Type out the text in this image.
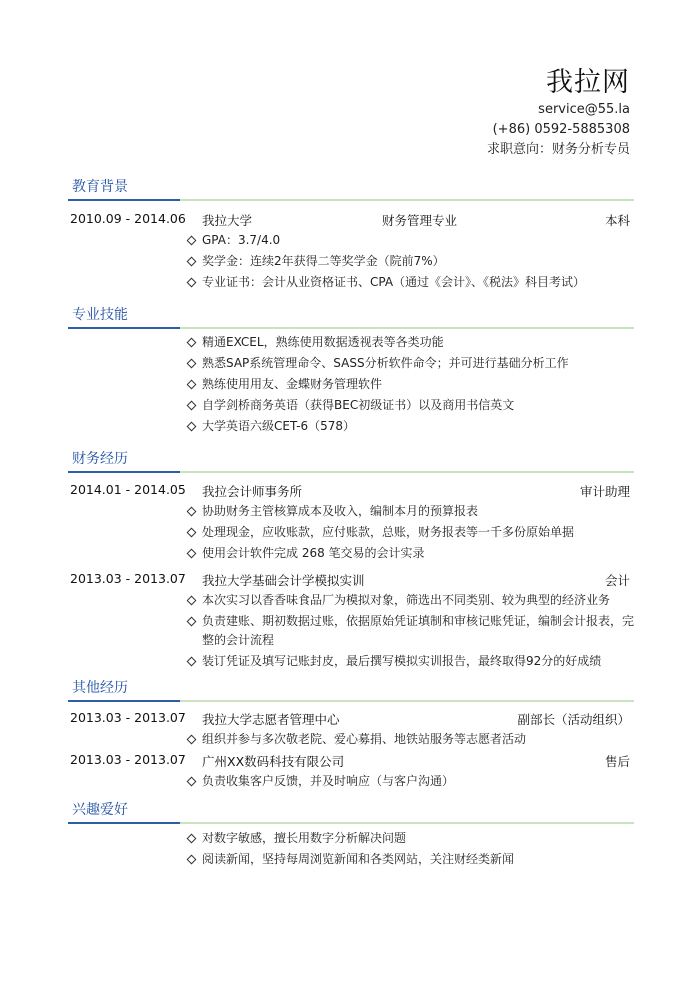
我拉网
service@55.la
(+86) 0592-5885308
求职意向：财务分析专员
教育背景
2010.09 - 2014.06 我拉大学	财务管理专业	本科
GPA：3.7/4.0
奖学金：连续2年获得二等奖学金（院前7%）
专业证书：会计从业资格证书、CPA（通过《会计》、《税法》科目考试）
专业技能
精通EXCEL，熟练使用数据透视表等各类功能
熟悉SAP系统管理命令、SASS分析软件命令；并可进行基础分析工作
熟练使用用友、金蝶财务管理软件
自学剑桥商务英语（获得BEC初级证书）以及商用书信英文
大学英语六级CET-6（578）
财务经历
2014.01 - 2014.05 我拉会计师事务所	审计助理
协助财务主管核算成本及收入，编制本月的预算报表
处理现金，应收账款，应付账款，总账，财务报表等一千多份原始单据
使用会计软件完成 268 笔交易的会计实录
2013.03 - 2013.07 我拉大学基础会计学模拟实训	会计
本次实习以香香味食品厂为模拟对象，筛选出不同类别、较为典型的经济业务
负责建账、期初数据过账，依据原始凭证填制和审核记账凭证，编制会计报表，完整的会计流程
装订凭证及填写记账封皮，最后撰写模拟实训报告，最终取得92分的好成绩
其他经历
2013.03 - 2013.07 我拉大学志愿者管理中心	副部长（活动组织）
组织并参与多次敬老院、爱心募捐、地铁站服务等志愿者活动
2013.03 - 2013.07 广州XX数码科技有限公司	售后
负责收集客户反馈，并及时响应（与客户沟通）
兴趣爱好
对数字敏感，擅长用数字分析解决问题
阅读新闻，坚持每周浏览新闻和各类网站，关注财经类新闻
